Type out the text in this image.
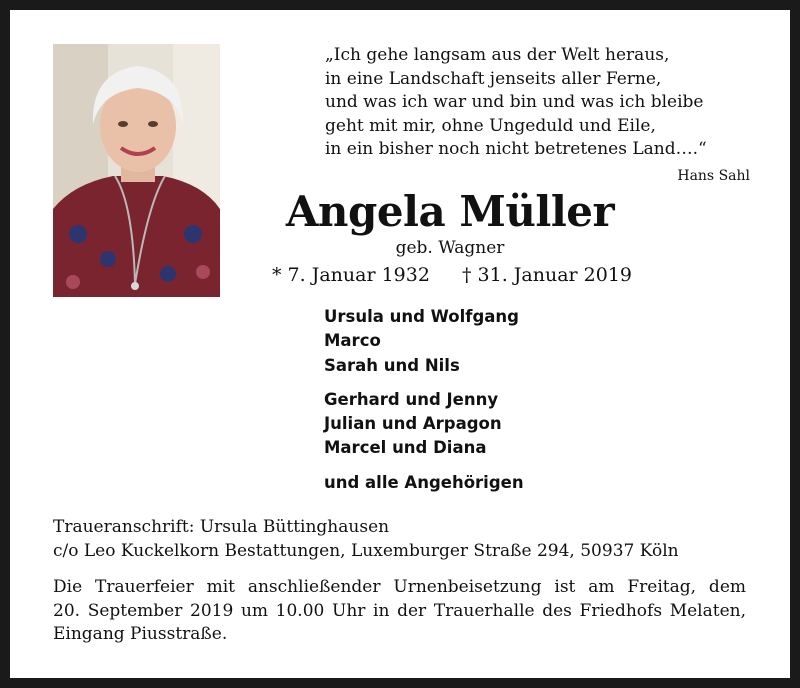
„Ich gehe langsam aus der Welt heraus,
in eine Landschaft jenseits aller Ferne,
und was ich war und bin und was ich bleibe
geht mit mir, ohne Ungeduld und Eile,
in ein bisher noch nicht betretenes Land….“
Hans Sahl
Angela Müller
geb. Wagner
* 7. Januar 1932 † 31. Januar 2019
Ursula und Wolfgang
Marco
Sarah und Nils
Gerhard und Jenny
Julian und Arpagon
Marcel und Diana
und alle Angehörigen
Traueranschrift: Ursula Büttinghausen
c/o Leo Kuckelkorn Bestattungen, Luxemburger Straße 294, 50937 Köln
Die Trauerfeier mit anschließender Urnenbeisetzung ist am Freitag, dem
20. September 2019 um 10.00 Uhr in der Trauerhalle des Friedhofs Melaten,
Eingang Piusstraße.
